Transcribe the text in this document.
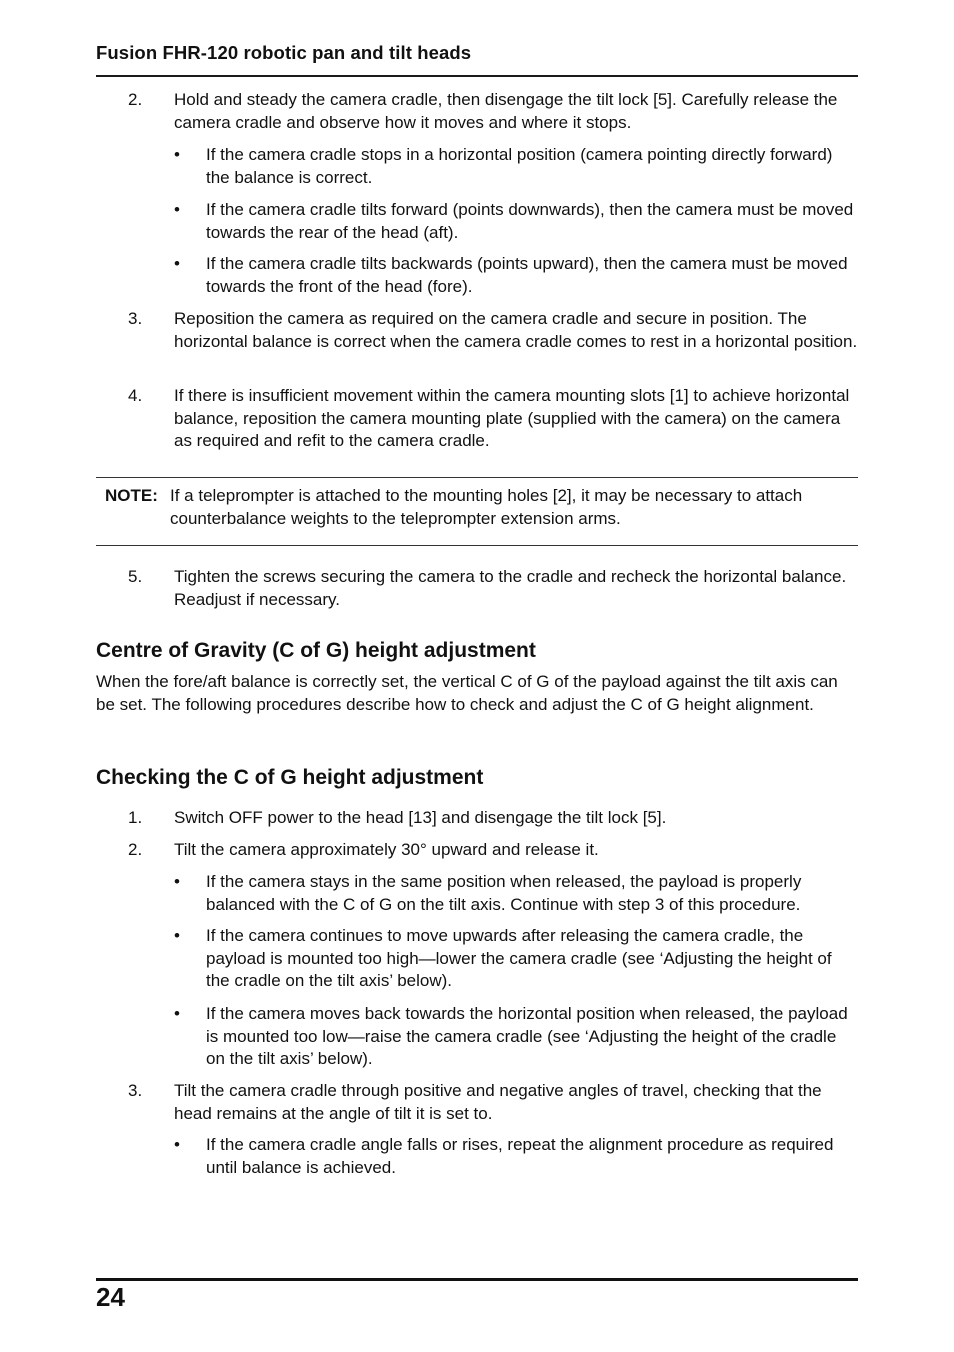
Fusion FHR-120 robotic pan and tilt heads
2. Hold and steady the camera cradle, then disengage the tilt lock [5]. Carefully release the camera cradle and observe how it moves and where it stops.
• If the camera cradle stops in a horizontal position (camera pointing directly forward) the balance is correct.
• If the camera cradle tilts forward (points downwards), then the camera must be moved towards the rear of the head (aft).
• If the camera cradle tilts backwards (points upward), then the camera must be moved towards the front of the head (fore).
3. Reposition the camera as required on the camera cradle and secure in position. The horizontal balance is correct when the camera cradle comes to rest in a horizontal position.
4. If there is insufficient movement within the camera mounting slots [1] to achieve horizontal balance, reposition the camera mounting plate (supplied with the camera) on the camera as required and refit to the camera cradle.
NOTE: If a teleprompter is attached to the mounting holes [2], it may be necessary to attach counterbalance weights to the teleprompter extension arms.
5. Tighten the screws securing the camera to the cradle and recheck the horizontal balance. Readjust if necessary.
Centre of Gravity (C of G) height adjustment
When the fore/aft balance is correctly set, the vertical C of G of the payload against the tilt axis can be set. The following procedures describe how to check and adjust the C of G height alignment.
Checking the C of G height adjustment
1. Switch OFF power to the head [13] and disengage the tilt lock [5].
2. Tilt the camera approximately 30° upward and release it.
• If the camera stays in the same position when released, the payload is properly balanced with the C of G on the tilt axis. Continue with step 3 of this procedure.
• If the camera continues to move upwards after releasing the camera cradle, the payload is mounted too high—lower the camera cradle (see ‘Adjusting the height of the cradle on the tilt axis’ below).
• If the camera moves back towards the horizontal position when released, the payload is mounted too low—raise the camera cradle (see ‘Adjusting the height of the cradle on the tilt axis’ below).
3. Tilt the camera cradle through positive and negative angles of travel, checking that the head remains at the angle of tilt it is set to.
• If the camera cradle angle falls or rises, repeat the alignment procedure as required until balance is achieved.
24
